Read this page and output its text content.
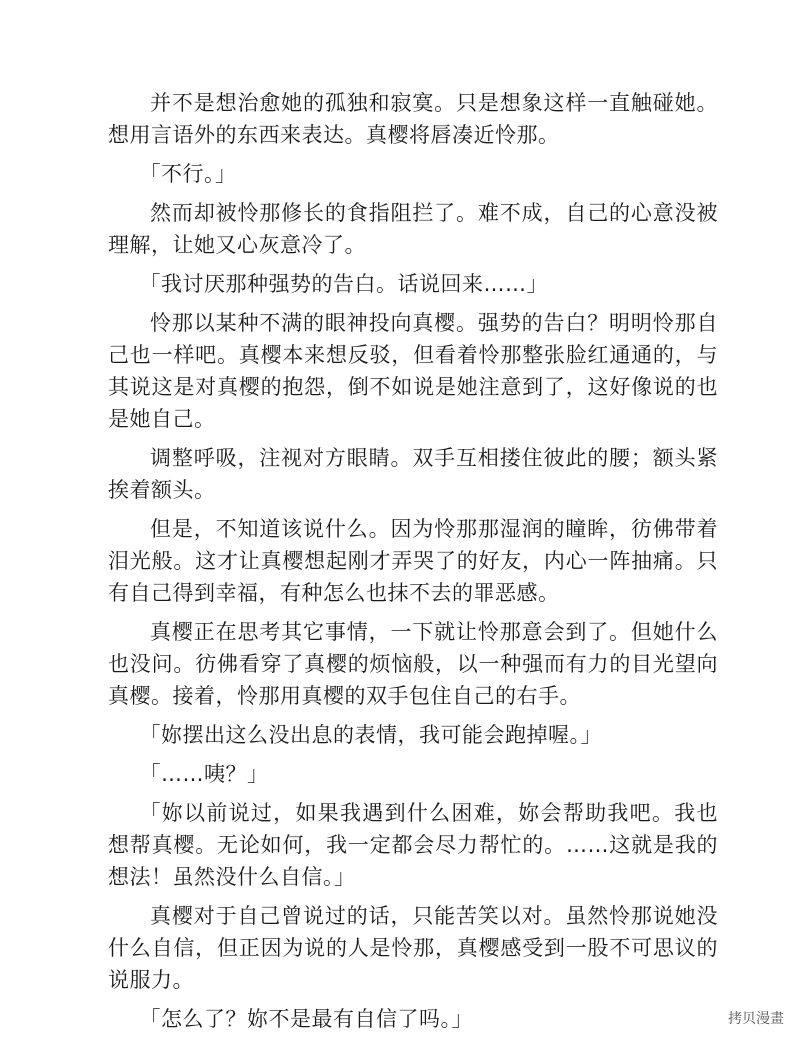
并不是想治愈她的孤独和寂寞。只是想象这样一直触碰她。想用言语外的东西来表达。真樱将唇凑近怜那。

「不行。」

然而却被怜那修长的食指阻拦了。难不成，自己的心意没被理解，让她又心灰意冷了。

「我讨厌那种强势的告白。话说回来……」

怜那以某种不满的眼神投向真樱。强势的告白？明明怜那自己也一样吧。真樱本来想反驳，但看着怜那整张脸红通通的，与其说这是对真樱的抱怨，倒不如说是她注意到了，这好像说的也是她自己。

调整呼吸，注视对方眼睛。双手互相搂住彼此的腰；额头紧挨着额头。

但是，不知道该说什么。因为怜那那湿润的瞳眸，彷佛带着泪光般。这才让真樱想起刚才弄哭了的好友，内心一阵抽痛。只有自己得到幸福，有种怎么也抹不去的罪恶感。

真樱正在思考其它事情，一下就让怜那意会到了。但她什么也没问。彷佛看穿了真樱的烦恼般，以一种强而有力的目光望向真樱。接着，怜那用真樱的双手包住自己的右手。

「妳摆出这么没出息的表情，我可能会跑掉喔。」

「……咦？」

「妳以前说过，如果我遇到什么困难，妳会帮助我吧。我也想帮真樱。无论如何，我一定都会尽力帮忙的。……这就是我的想法！虽然没什么自信。」

真樱对于自己曾说过的话，只能苦笑以对。虽然怜那说她没什么自信，但正因为说的人是怜那，真樱感受到一股不可思议的说服力。

「怎么了？妳不是最有自信了吗。」	拷贝漫畫
